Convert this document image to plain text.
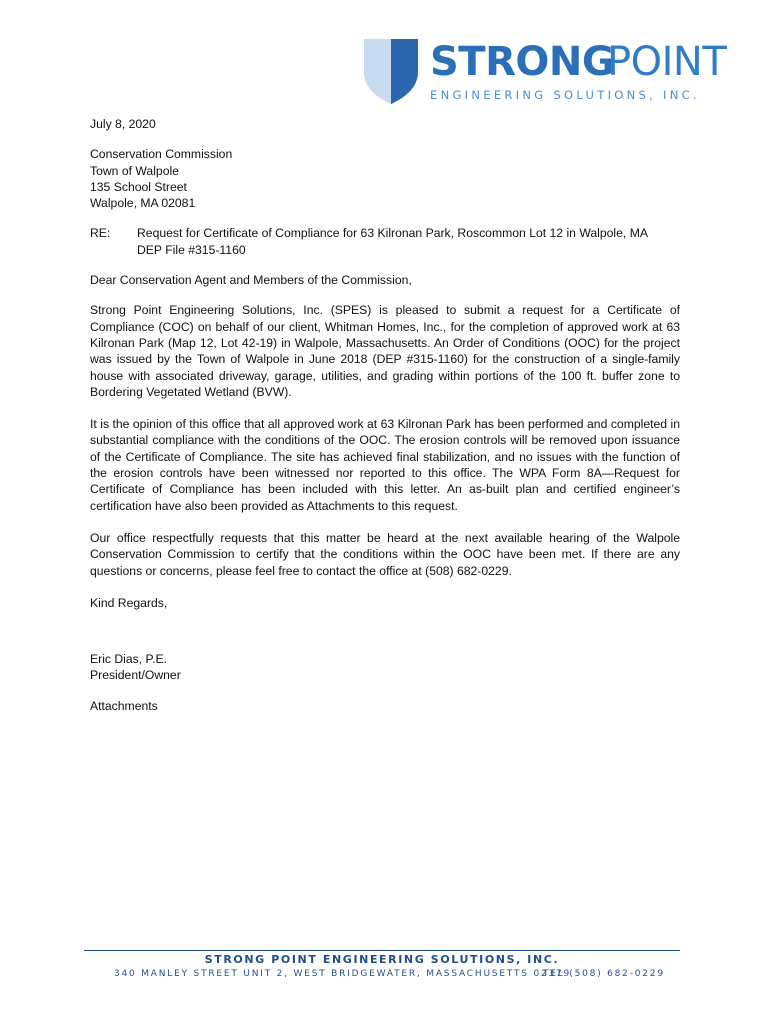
STRONG
POINT
ENGINEERING SOLUTIONS, INC.

July 8, 2020

Conservation Commission

Town of Walpole

135 School Street

Walpole, MA 02081

RE:	Request for Certificate of Compliance for 63 Kilronan Park, Roscommon Lot 12 in Walpole, MA

DEP File #315-1160

Dear Conservation Agent and Members of the Commission,

Strong Point Engineering Solutions, Inc. (SPES) is pleased to submit a request for a Certificate of Compliance (COC) on behalf of our client, Whitman Homes, Inc., for the completion of approved work at 63 Kilronan Park (Map 12, Lot 42-19) in Walpole, Massachusetts. An Order of Conditions (OOC) for the project was issued by the Town of Walpole in June 2018 (DEP #315-1160) for the construction of a single-family house with associated driveway, garage, utilities, and grading within portions of the 100 ft. buffer zone to Bordering Vegetated Wetland (BVW).

It is the opinion of this office that all approved work at 63 Kilronan Park has been performed and completed in substantial compliance with the conditions of the OOC. The erosion controls will be removed upon issuance of the Certificate of Compliance. The site has achieved final stabilization, and no issues with the function of the erosion controls have been witnessed nor reported to this office. The WPA Form 8A—Request for Certificate of Compliance has been included with this letter. An as-built plan and certified engineer’s certification have also been provided as Attachments to this request.

Our office respectfully requests that this matter be heard at the next available hearing of the Walpole Conservation Commission to certify that the conditions within the OOC have been met. If there are any questions or concerns, please feel free to contact the office at (508) 682-0229.

Kind Regards,

Eric Dias, P.E.

President/Owner

Attachments

STRONG POINT ENGINEERING SOLUTIONS, INC.
340 MANLEY STREET UNIT 2, WEST BRIDGEWATER, MASSACHUSETTS 02379
TEL (508) 682-0229
